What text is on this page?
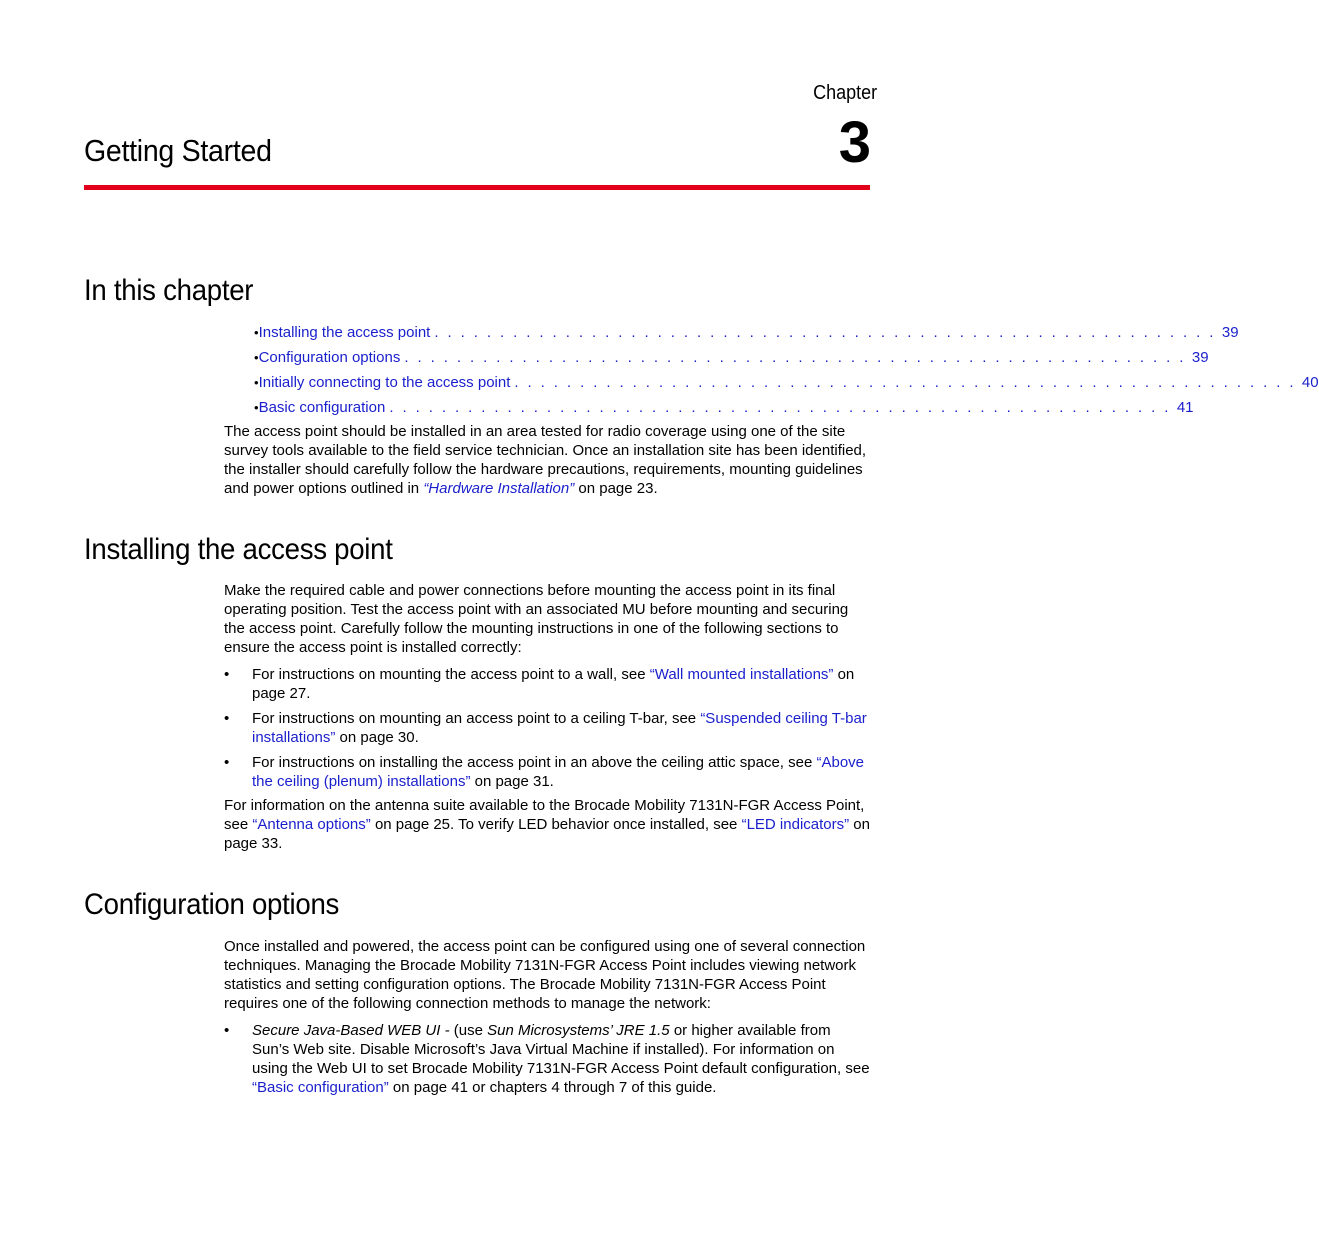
Chapter
3
Getting Started
In this chapter
• Installing the access point . . . . . . . . . . . . . . . . . . . . . . . . . . . . . . . . . . . . . . . . . . . . . . . . . . . . . . . . . . . . 39
• Configuration options . . . . . . . . . . . . . . . . . . . . . . . . . . . . . . . . . . . . . . . . . . . . . . . . . . . . . . . . . . . . 39
• Initially connecting to the access point . . . . . . . . . . . . . . . . . . . . . . . . . . . . . . . . . . . . . . . . . . . . . . . . . . . . . . . . . . . . 40
• Basic configuration . . . . . . . . . . . . . . . . . . . . . . . . . . . . . . . . . . . . . . . . . . . . . . . . . . . . . . . . . . . . 41

The access point should be installed in an area tested for radio coverage using one of the site survey tools available to the field service technician. Once an installation site has been identified, the installer should carefully follow the hardware precautions, requirements, mounting guidelines and power options outlined in “Hardware Installation” on page 23.

Installing the access point

Make the required cable and power connections before mounting the access point in its final operating position. Test the access point with an associated MU before mounting and securing the access point. Carefully follow the mounting instructions in one of the following sections to ensure the access point is installed correctly:

• For instructions on mounting the access point to a wall, see “Wall mounted installations” on page 27.
• For instructions on mounting an access point to a ceiling T-bar, see “Suspended ceiling T-bar installations” on page 30.
• For instructions on installing the access point in an above the ceiling attic space, see “Above the ceiling (plenum) installations” on page 31.

For information on the antenna suite available to the Brocade Mobility 7131N-FGR Access Point, see “Antenna options” on page 25. To verify LED behavior once installed, see “LED indicators” on page 33.

Configuration options

Once installed and powered, the access point can be configured using one of several connection techniques. Managing the Brocade Mobility 7131N-FGR Access Point includes viewing network statistics and setting configuration options. The Brocade Mobility 7131N-FGR Access Point requires one of the following connection methods to manage the network:

• Secure Java-Based WEB UI - (use Sun Microsystems’ JRE 1.5 or higher available from Sun’s Web site. Disable Microsoft’s Java Virtual Machine if installed). For information on using the Web UI to set Brocade Mobility 7131N-FGR Access Point default configuration, see “Basic configuration” on page 41 or chapters 4 through 7 of this guide.
